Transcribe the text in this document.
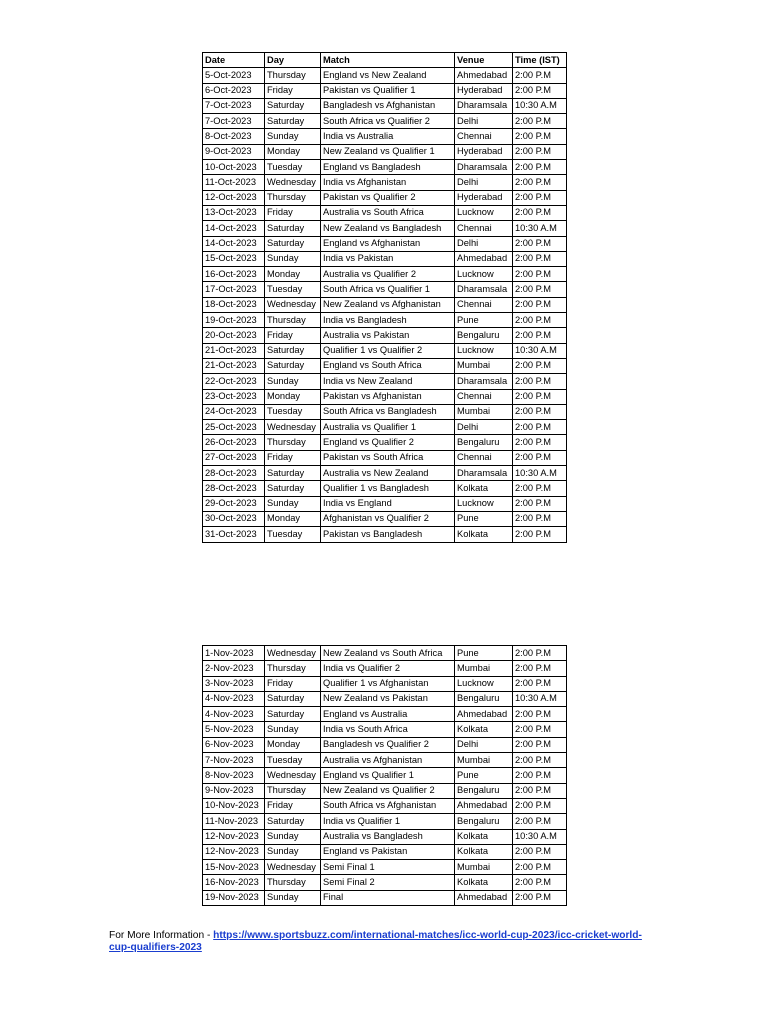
Date	Day	Match	Venue	Time (IST)
5-Oct-2023	Thursday	England vs New Zealand	Ahmedabad	2:00 P.M
6-Oct-2023	Friday	Pakistan vs Qualifier 1	Hyderabad	2:00 P.M
7-Oct-2023	Saturday	Bangladesh vs Afghanistan	Dharamsala	10:30 A.M
7-Oct-2023	Saturday	South Africa vs Qualifier 2	Delhi	2:00 P.M
8-Oct-2023	Sunday	India vs Australia	Chennai	2:00 P.M
9-Oct-2023	Monday	New Zealand vs Qualifier 1	Hyderabad	2:00 P.M
10-Oct-2023	Tuesday	England vs Bangladesh	Dharamsala	2:00 P.M
11-Oct-2023	Wednesday	India vs Afghanistan	Delhi	2:00 P.M
12-Oct-2023	Thursday	Pakistan vs Qualifier 2	Hyderabad	2:00 P.M
13-Oct-2023	Friday	Australia vs South Africa	Lucknow	2:00 P.M
14-Oct-2023	Saturday	New Zealand vs Bangladesh	Chennai	10:30 A.M
14-Oct-2023	Saturday	England vs Afghanistan	Delhi	2:00 P.M
15-Oct-2023	Sunday	India vs Pakistan	Ahmedabad	2:00 P.M
16-Oct-2023	Monday	Australia vs Qualifier 2	Lucknow	2:00 P.M
17-Oct-2023	Tuesday	South Africa vs Qualifier 1	Dharamsala	2:00 P.M
18-Oct-2023	Wednesday	New Zealand vs Afghanistan	Chennai	2:00 P.M
19-Oct-2023	Thursday	India vs Bangladesh	Pune	2:00 P.M
20-Oct-2023	Friday	Australia vs Pakistan	Bengaluru	2:00 P.M
21-Oct-2023	Saturday	Qualifier 1 vs Qualifier 2	Lucknow	10:30 A.M
21-Oct-2023	Saturday	England vs South Africa	Mumbai	2:00 P.M
22-Oct-2023	Sunday	India vs New Zealand	Dharamsala	2:00 P.M
23-Oct-2023	Monday	Pakistan vs Afghanistan	Chennai	2:00 P.M
24-Oct-2023	Tuesday	South Africa vs Bangladesh	Mumbai	2:00 P.M
25-Oct-2023	Wednesday	Australia vs Qualifier 1	Delhi	2:00 P.M
26-Oct-2023	Thursday	England vs Qualifier 2	Bengaluru	2:00 P.M
27-Oct-2023	Friday	Pakistan vs South Africa	Chennai	2:00 P.M
28-Oct-2023	Saturday	Australia vs New Zealand	Dharamsala	10:30 A.M
28-Oct-2023	Saturday	Qualifier 1 vs Bangladesh	Kolkata	2:00 P.M
29-Oct-2023	Sunday	India vs England	Lucknow	2:00 P.M
30-Oct-2023	Monday	Afghanistan vs Qualifier 2	Pune	2:00 P.M
31-Oct-2023	Tuesday	Pakistan vs Bangladesh	Kolkata	2:00 P.M
1-Nov-2023	Wednesday	New Zealand vs South Africa	Pune	2:00 P.M
2-Nov-2023	Thursday	India vs Qualifier 2	Mumbai	2:00 P.M
3-Nov-2023	Friday	Qualifier 1 vs Afghanistan	Lucknow	2:00 P.M
4-Nov-2023	Saturday	New Zealand vs Pakistan	Bengaluru	10:30 A.M
4-Nov-2023	Saturday	England vs Australia	Ahmedabad	2:00 P.M
5-Nov-2023	Sunday	India vs South Africa	Kolkata	2:00 P.M
6-Nov-2023	Monday	Bangladesh vs Qualifier 2	Delhi	2:00 P.M
7-Nov-2023	Tuesday	Australia vs Afghanistan	Mumbai	2:00 P.M
8-Nov-2023	Wednesday	England vs Qualifier 1	Pune	2:00 P.M
9-Nov-2023	Thursday	New Zealand vs Qualifier 2	Bengaluru	2:00 P.M
10-Nov-2023	Friday	South Africa vs Afghanistan	Ahmedabad	2:00 P.M
11-Nov-2023	Saturday	India vs Qualifier 1	Bengaluru	2:00 P.M
12-Nov-2023	Sunday	Australia vs Bangladesh	Kolkata	10:30 A.M
12-Nov-2023	Sunday	England vs Pakistan	Kolkata	2:00 P.M
15-Nov-2023	Wednesday	Semi Final 1	Mumbai	2:00 P.M
16-Nov-2023	Thursday	Semi Final 2	Kolkata	2:00 P.M
19-Nov-2023	Sunday	Final	Ahmedabad	2:00 P.M
For More Information - https://www.sportsbuzz.com/international-matches/icc-world-cup-2023/icc-cricket-world-cup-qualifiers-2023
